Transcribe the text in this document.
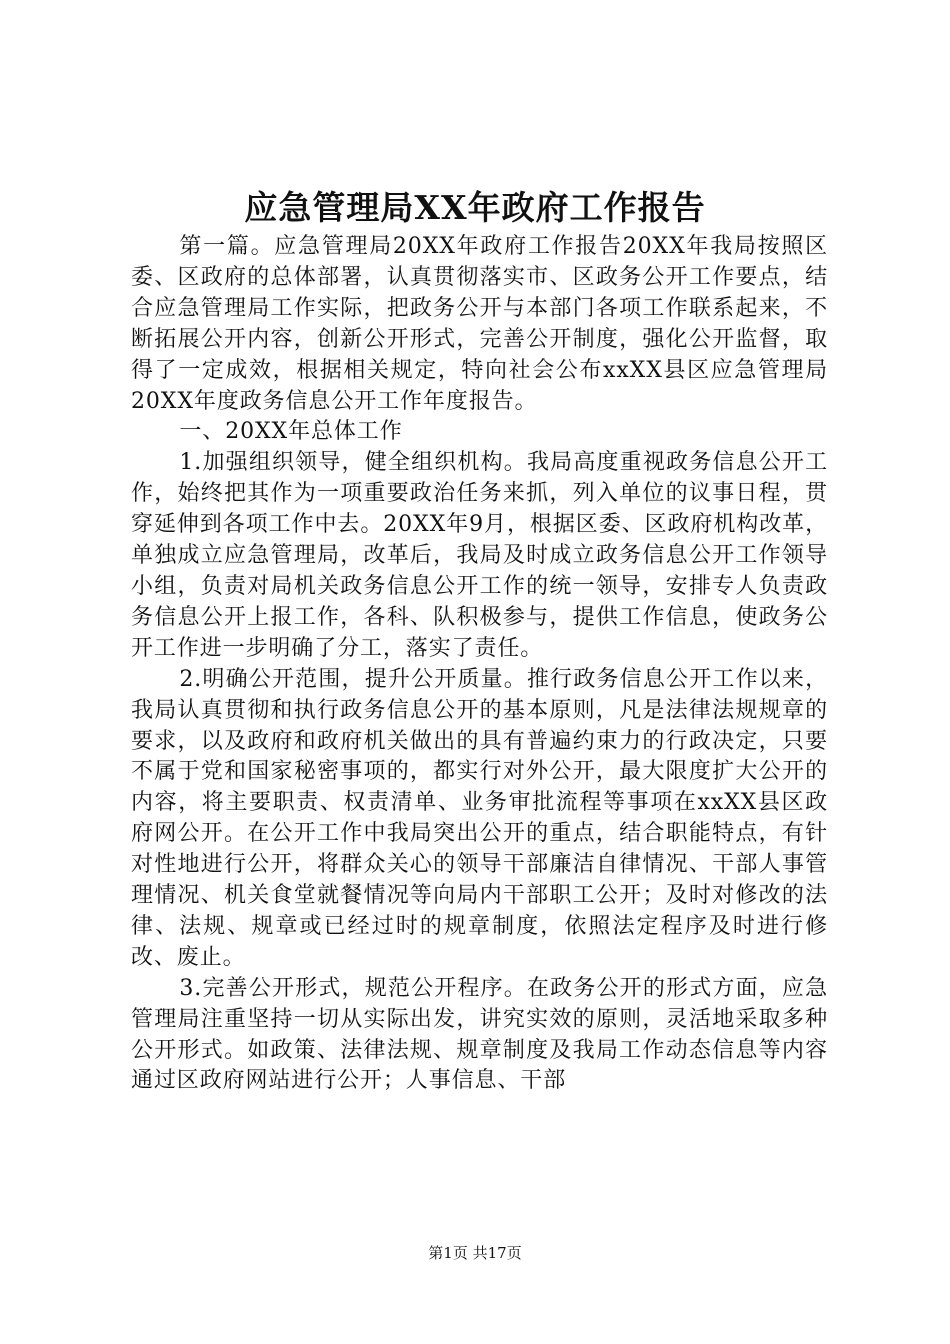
应急管理局XX年政府工作报告

第一篇。应急管理局20XX年政府工作报告20XX年我局按照区委、区政府的总体部署，认真贯彻落实市、区政务公开工作要点，结合应急管理局工作实际，把政务公开与本部门各项工作联系起来，不断拓展公开内容，创新公开形式，完善公开制度，强化公开监督，取得了一定成效，根据相关规定，特向社会公布xxXX县区应急管理局20XX年度政务信息公开工作年度报告。

一、20XX年总体工作

1.加强组织领导，健全组织机构。我局高度重视政务信息公开工作，始终把其作为一项重要政治任务来抓，列入单位的议事日程，贯穿延伸到各项工作中去。20XX年9月，根据区委、区政府机构改革，单独成立应急管理局，改革后，我局及时成立政务信息公开工作领导小组，负责对局机关政务信息公开工作的统一领导，安排专人负责政务信息公开上报工作，各科、队积极参与，提供工作信息，使政务公开工作进一步明确了分工，落实了责任。

2.明确公开范围，提升公开质量。推行政务信息公开工作以来，我局认真贯彻和执行政务信息公开的基本原则，凡是法律法规规章的要求，以及政府和政府机关做出的具有普遍约束力的行政决定，只要不属于党和国家秘密事项的，都实行对外公开，最大限度扩大公开的内容，将主要职责、权责清单、业务审批流程等事项在xxXX县区政府网公开。在公开工作中我局突出公开的重点，结合职能特点，有针对性地进行公开，将群众关心的领导干部廉洁自律情况、干部人事管理情况、机关食堂就餐情况等向局内干部职工公开；及时对修改的法律、法规、规章或已经过时的规章制度，依照法定程序及时进行修改、废止。

3.完善公开形式，规范公开程序。在政务公开的形式方面，应急管理局注重坚持一切从实际出发，讲究实效的原则，灵活地采取多种公开形式。如政策、法律法规、规章制度及我局工作动态信息等内容通过区政府网站进行公开；人事信息、干部

第1页 共17页
